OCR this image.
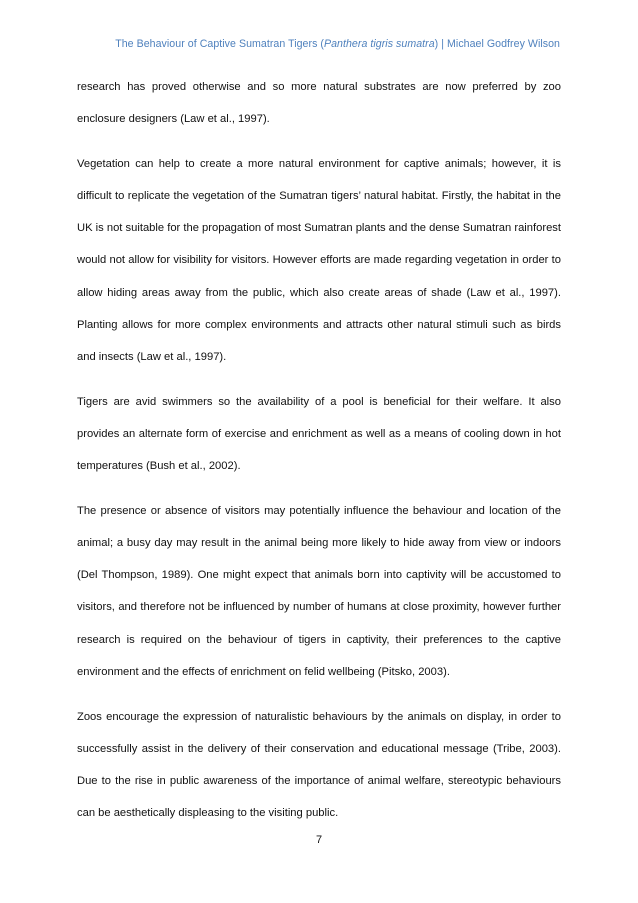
The Behaviour of Captive Sumatran Tigers (Panthera tigris sumatra) | Michael Godfrey Wilson

research has proved otherwise and so more natural substrates are now preferred by zoo enclosure designers (Law et al., 1997).

Vegetation can help to create a more natural environment for captive animals; however, it is difficult to replicate the vegetation of the Sumatran tigers’ natural habitat. Firstly, the habitat in the UK is not suitable for the propagation of most Sumatran plants and the dense Sumatran rainforest would not allow for visibility for visitors. However efforts are made regarding vegetation in order to allow hiding areas away from the public, which also create areas of shade (Law et al., 1997). Planting allows for more complex environments and attracts other natural stimuli such as birds and insects (Law et al., 1997).

Tigers are avid swimmers so the availability of a pool is beneficial for their welfare. It also provides an alternate form of exercise and enrichment as well as a means of cooling down in hot temperatures (Bush et al., 2002).

The presence or absence of visitors may potentially influence the behaviour and location of the animal; a busy day may result in the animal being more likely to hide away from view or indoors (Del Thompson, 1989). One might expect that animals born into captivity will be accustomed to visitors, and therefore not be influenced by number of humans at close proximity, however further research is required on the behaviour of tigers in captivity, their preferences to the captive environment and the effects of enrichment on felid wellbeing (Pitsko, 2003).

Zoos encourage the expression of naturalistic behaviours by the animals on display, in order to successfully assist in the delivery of their conservation and educational message (Tribe, 2003). Due to the rise in public awareness of the importance of animal welfare, stereotypic behaviours can be aesthetically displeasing to the visiting public.

7
